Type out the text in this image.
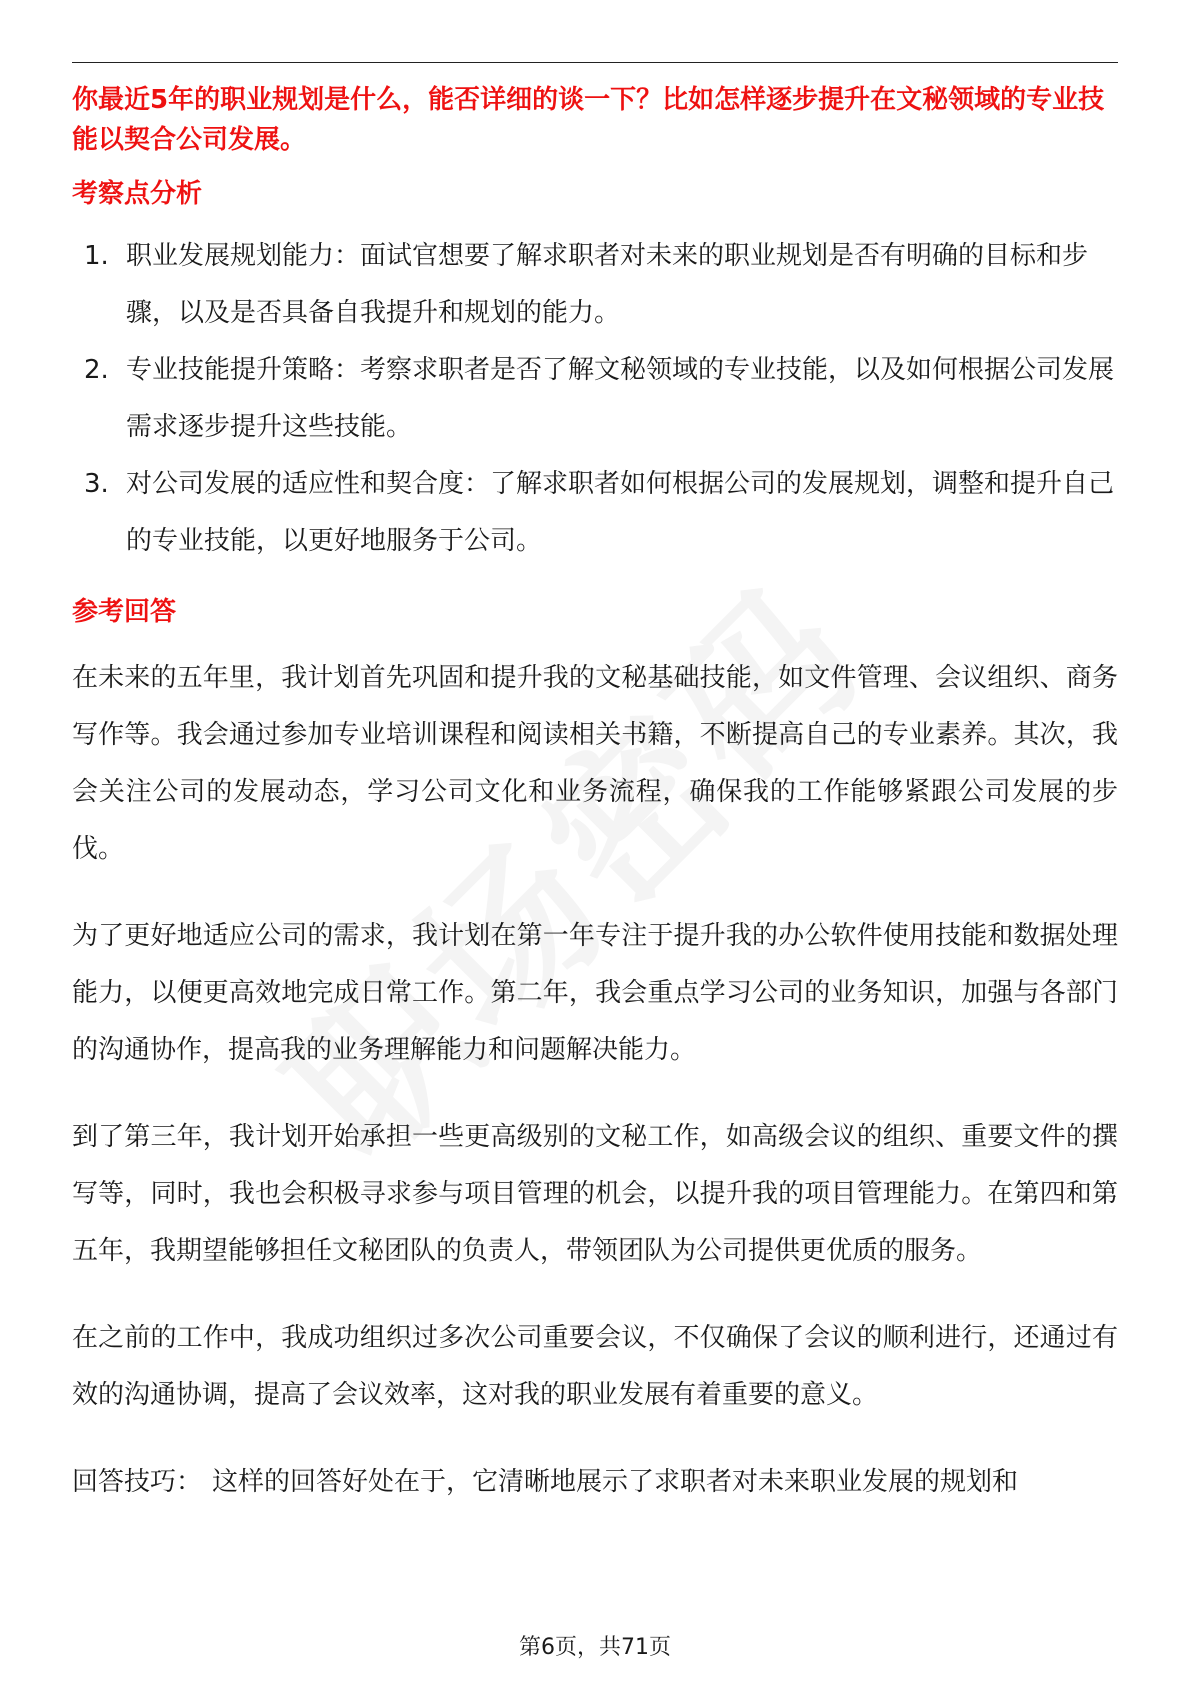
你最近5年的职业规划是什么，能否详细的谈一下？比如怎样逐步提升在文秘领域的专业技能以契合公司发展。

考察点分析
1. 职业发展规划能力：面试官想要了解求职者对未来的职业规划是否有明确的目标和步骤，以及是否具备自我提升和规划的能力。
2. 专业技能提升策略：考察求职者是否了解文秘领域的专业技能，以及如何根据公司发展需求逐步提升这些技能。
3. 对公司发展的适应性和契合度：了解求职者如何根据公司的发展规划，调整和提升自己的专业技能，以更好地服务于公司。
参考回答

在未来的五年里，我计划首先巩固和提升我的文秘基础技能，如文件管理、会议组织、商务写作等。我会通过参加专业培训课程和阅读相关书籍，不断提高自己的专业素养。其次，我会关注公司的发展动态，学习公司文化和业务流程，确保我的工作能够紧跟公司发展的步伐。

为了更好地适应公司的需求，我计划在第一年专注于提升我的办公软件使用技能和数据处理能力，以便更高效地完成日常工作。第二年，我会重点学习公司的业务知识，加强与各部门的沟通协作，提高我的业务理解能力和问题解决能力。

到了第三年，我计划开始承担一些更高级别的文秘工作，如高级会议的组织、重要文件的撰写等，同时，我也会积极寻求参与项目管理的机会，以提升我的项目管理能力。在第四和第五年，我期望能够担任文秘团队的负责人，带领团队为公司提供更优质的服务。

在之前的工作中，我成功组织过多次公司重要会议，不仅确保了会议的顺利进行，还通过有效的沟通协调，提高了会议效率，这对我的职业发展有着重要的意义。

回答技巧： 这样的回答好处在于，它清晰地展示了求职者对未来职业发展的规划和

第6页，共71页
